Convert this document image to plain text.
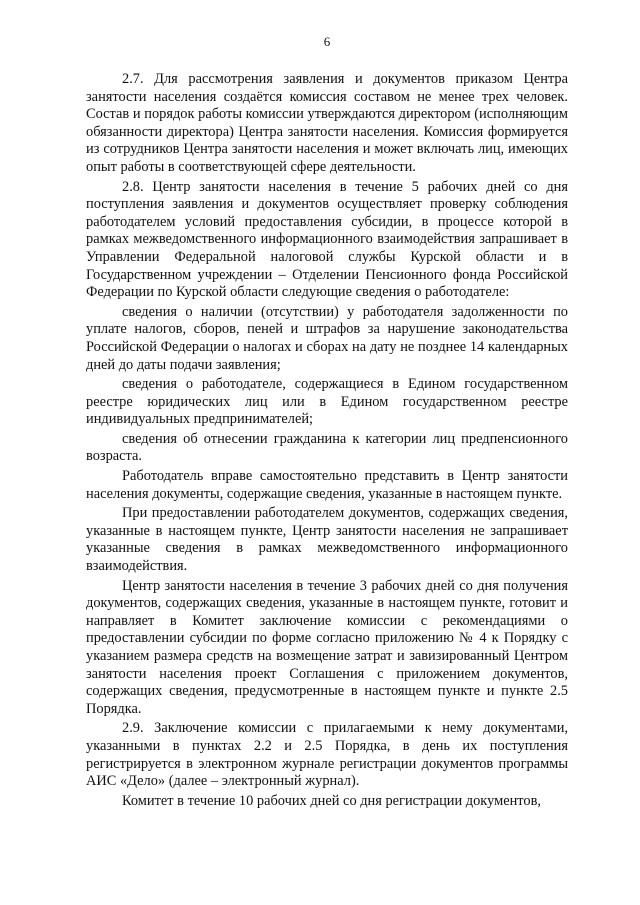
6

2.7. Для рассмотрения заявления и документов приказом Центра занятости населения создаётся комиссия составом не менее трех человек. Состав и порядок работы комиссии утверждаются директором (исполняющим обязанности директора) Центра занятости населения. Комиссия формируется из сотрудников Центра занятости населения и может включать лиц, имеющих опыт работы в соответствующей сфере деятельности.

2.8. Центр занятости населения в течение 5 рабочих дней со дня поступления заявления и документов осуществляет проверку соблюдения работодателем условий предоставления субсидии, в процессе которой в рамках межведомственного информационного взаимодействия запрашивает в Управлении Федеральной налоговой службы Курской области и в Государственном учреждении – Отделении Пенсионного фонда Российской Федерации по Курской области следующие сведения о работодателе:

сведения о наличии (отсутствии) у работодателя задолженности по уплате налогов, сборов, пеней и штрафов за нарушение законодательства Российской Федерации о налогах и сборах на дату не позднее 14 календарных дней до даты подачи заявления;

сведения о работодателе, содержащиеся в Едином государственном реестре юридических лиц или в Едином государственном реестре индивидуальных предпринимателей;

сведения об отнесении гражданина к категории лиц предпенсионного возраста.

Работодатель вправе самостоятельно представить в Центр занятости населения документы, содержащие сведения, указанные в настоящем пункте.

При предоставлении работодателем документов, содержащих сведения, указанные в настоящем пункте, Центр занятости населения не запрашивает указанные сведения в рамках межведомственного информационного взаимодействия.

Центр занятости населения в течение 3 рабочих дней со дня получения документов, содержащих сведения, указанные в настоящем пункте, готовит и направляет в Комитет заключение комиссии с рекомендациями о предоставлении субсидии по форме согласно приложению № 4 к Порядку с указанием размера средств на возмещение затрат и завизированный Центром занятости населения проект Соглашения с приложением документов, содержащих сведения, предусмотренные в настоящем пункте и пункте 2.5 Порядка.

2.9. Заключение комиссии с прилагаемыми к нему документами, указанными в пунктах 2.2 и 2.5 Порядка, в день их поступления регистрируется в электронном журнале регистрации документов программы АИС «Дело» (далее – электронный журнал).

Комитет в течение 10 рабочих дней со дня регистрации документов,
